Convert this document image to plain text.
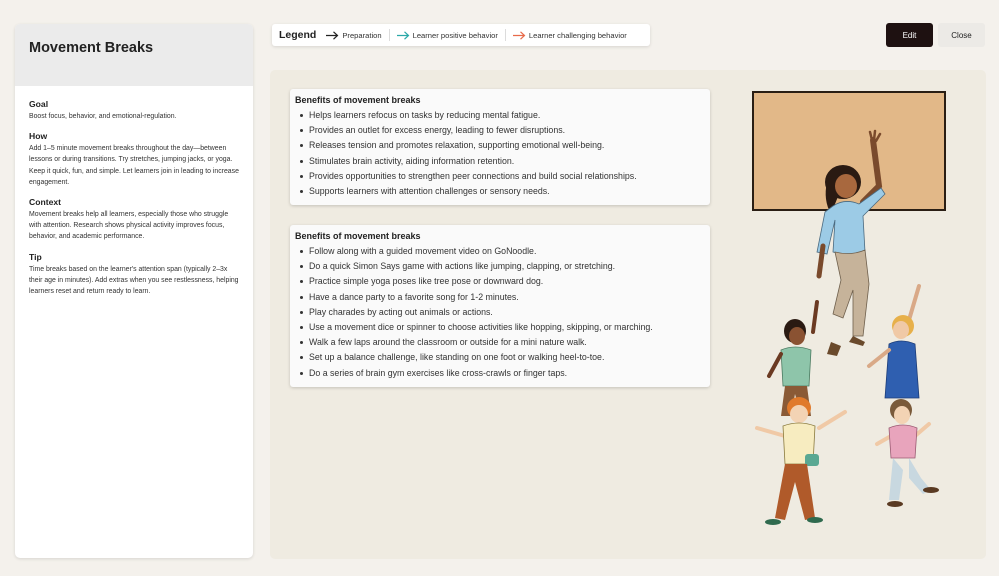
Movement Breaks
Goal
Boost focus, behavior, and emotional-regulation.
How
Add 1–5 minute movement breaks throughout the day—between lessons or during transitions. Try stretches, jumping jacks, or yoga. Keep it quick, fun, and simple. Let learners join in leading to increase engagement.
Context
Movement breaks help all learners, especially those who struggle with attention. Research shows physical activity improves focus, behavior, and academic performance.
Tip
Time breaks based on the learner's attention span (typically 2–3x their age in minutes). Add extras when you see restlessness, helping learners reset and return ready to learn.
Legend	Preparation	Learner positive behavior	Learner challenging behavior	Edit	Close
Benefits of movement breaks
Helps learners refocus on tasks by reducing mental fatigue.
Provides an outlet for excess energy, leading to fewer disruptions.
Releases tension and promotes relaxation, supporting emotional well-being.
Stimulates brain activity, aiding information retention.
Provides opportunities to strengthen peer connections and build social relationships.
Supports learners with attention challenges or sensory needs.
Benefits of movement breaks
Follow along with a guided movement video on GoNoodle.
Do a quick Simon Says game with actions like jumping, clapping, or stretching.
Practice simple yoga poses like tree pose or downward dog.
Have a dance party to a favorite song for 1-2 minutes.
Play charades by acting out animals or actions.
Use a movement dice or spinner to choose activities like hopping, skipping, or marching.
Walk a few laps around the classroom or outside for a mini nature walk.
Set up a balance challenge, like standing on one foot or walking heel-to-toe.
Do a series of brain gym exercises like cross-crawls or finger taps.
